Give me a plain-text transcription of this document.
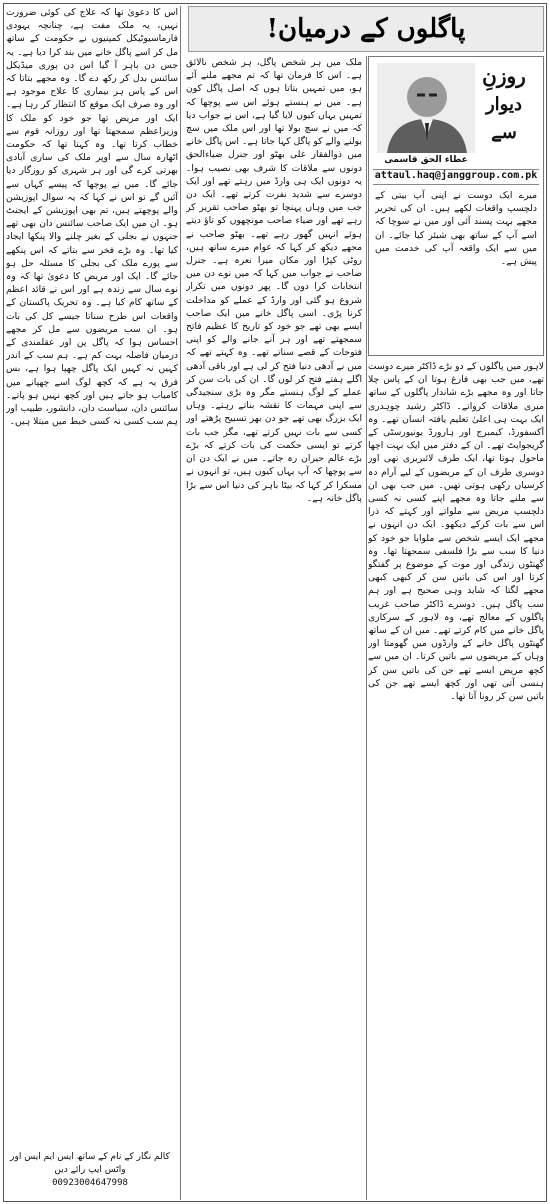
پاگلوں کے درمیان!
روزنِ
دیوار سے
عطاء الحق قاسمی
attaul.haq@janggroup.com.pk

میرے ایک دوست نے اپنی آپ بیتی کے دلچسپ واقعات لکھے ہیں۔ ان کی تحریر مجھے بہت پسند آئی اور میں نے سوچا کہ اسے آپ کے ساتھ بھی شیئر کیا جائے۔ ان میں سے ایک واقعہ آپ کی خدمت میں پیش ہے۔

لاہور میں پاگلوں کے دو بڑے ڈاکٹر میرے دوست تھے، میں جب بھی فارغ ہوتا ان کے پاس چلا جاتا اور وہ مجھے بڑے شاندار پاگلوں کے ساتھ میری ملاقات کرواتے۔ ڈاکٹر رشید چوہدری ایک بہت ہی اعلیٰ تعلیم یافتہ انسان تھے۔ وہ آکسفورڈ، کیمبرج اور ہارورڈ یونیورسٹی کے گریجوایٹ تھے۔ ان کے دفتر میں ایک بہت اچھا ماحول ہوتا تھا، ایک طرف لائبریری تھی اور دوسری طرف ان کے مریضوں کے لیے آرام دہ کرسیاں رکھی ہوتی تھیں۔ میں جب بھی ان سے ملنے جاتا وہ مجھے اپنے کسی نہ کسی دلچسپ مریض سے ملواتے اور کہتے کہ ذرا اس سے بات کرکے دیکھو۔ ایک دن انہوں نے مجھے ایک ایسے شخص سے ملوایا جو خود کو دنیا کا سب سے بڑا فلسفی سمجھتا تھا۔ وہ گھنٹوں زندگی اور موت کے موضوع پر گفتگو کرتا اور اس کی باتیں سن کر کبھی کبھی مجھے لگتا کہ شاید وہی صحیح ہے اور ہم سب پاگل ہیں۔ دوسرے ڈاکٹر صاحب غریب پاگلوں کے معالج تھے، وہ لاہور کے سرکاری پاگل خانے میں کام کرتے تھے۔ میں ان کے ساتھ گھنٹوں پاگل خانے کے وارڈوں میں گھومتا اور وہاں کے مریضوں سے باتیں کرتا۔ ان میں سے کچھ مریض ایسے تھے جن کی باتیں سن کر ہنسی آتی تھی اور کچھ ایسے تھے جن کی باتیں سن کر رونا آتا تھا۔

ملک میں ہر شخص پاگل، ہر شخص نالائق ہے۔ اس کا فرمان تھا کہ تم مجھے ملنے آئے ہو، میں تمہیں بتاتا ہوں کہ اصل پاگل کون ہے۔ میں نے ہنستے ہوئے اس سے پوچھا کہ تمہیں یہاں کیوں لایا گیا ہے، اس نے جواب دیا کہ میں نے سچ بولا تھا اور اس ملک میں سچ بولنے والے کو پاگل کہا جاتا ہے۔ اس پاگل خانے میں ذوالفقار علی بھٹو اور جنرل ضیاءالحق دونوں سے ملاقات کا شرف بھی نصیب ہوا۔ یہ دونوں ایک ہی وارڈ میں رہتے تھے اور ایک دوسرے سے شدید نفرت کرتے تھے۔ ایک دن جب میں وہاں پہنچا تو بھٹو صاحب تقریر کر رہے تھے اور ضیاء صاحب مونچھوں کو تاؤ دیتے ہوئے انہیں گھور رہے تھے۔ بھٹو صاحب نے مجھے دیکھ کر کہا کہ عوام میرے ساتھ ہیں، روٹی کپڑا اور مکان میرا نعرہ ہے۔ جنرل صاحب نے جواب میں کہا کہ میں نوے دن میں انتخابات کرا دوں گا۔ پھر دونوں میں تکرار شروع ہو گئی اور وارڈ کے عملے کو مداخلت کرنا پڑی۔ اسی پاگل خانے میں ایک صاحب ایسے بھی تھے جو خود کو تاریخ کا عظیم فاتح سمجھتے تھے اور ہر آنے جانے والے کو اپنی فتوحات کے قصے سناتے تھے۔ وہ کہتے تھے کہ میں نے آدھی دنیا فتح کر لی ہے اور باقی آدھی اگلے ہفتے فتح کر لوں گا۔ ان کی بات سن کر عملے کے لوگ ہنستے مگر وہ بڑی سنجیدگی سے اپنی مہمات کا نقشہ بناتے رہتے۔ وہاں ایک بزرگ بھی تھے جو دن بھر تسبیح پڑھتے اور کسی سے بات نہیں کرتے تھے، مگر جب بات کرتے تو ایسی حکمت کی بات کرتے کہ بڑے بڑے عالم حیران رہ جاتے۔ میں نے ایک دن ان سے پوچھا کہ آپ یہاں کیوں ہیں، تو انہوں نے مسکرا کر کہا کہ بیٹا باہر کی دنیا اس سے بڑا پاگل خانہ ہے۔

اس کا دعویٰ تھا کہ علاج کی کوئی ضرورت نہیں، یہ ملک مفت ہے، چنانچہ یہودی فارماسیوٹیکل کمپنیوں نے حکومت کے ساتھ مل کر اسے پاگل خانے میں بند کرا دیا ہے۔ یہ جس دن باہر آ گیا اس دن پوری میڈیکل سائنس بدل کر رکھ دے گا۔ وہ مجھے بتاتا کہ اس کے پاس ہر بیماری کا علاج موجود ہے اور وہ صرف ایک موقع کا انتظار کر رہا ہے۔ ایک اور مریض تھا جو خود کو ملک کا وزیراعظم سمجھتا تھا اور روزانہ قوم سے خطاب کرتا تھا۔ وہ کہتا تھا کہ حکومت اٹھارہ سال سے اوپر ملک کی ساری آبادی بھرتی کرے گی اور ہر شہری کو روزگار دیا جائے گا۔ میں نے پوچھا کہ پیسے کہاں سے آئیں گے تو اس نے کہا کہ یہ سوال اپوزیشن والے پوچھتے ہیں، تم بھی اپوزیشن کے ایجنٹ ہو۔ ان میں ایک صاحب سائنس دان بھی تھے جنہوں نے بجلی کے بغیر چلنے والا پنکھا ایجاد کیا تھا۔ وہ بڑے فخر سے بتاتے کہ اس پنکھے سے پورے ملک کی بجلی کا مسئلہ حل ہو جائے گا۔ ایک اور مریض کا دعویٰ تھا کہ وہ نوے سال سے زندہ ہے اور اس نے قائد اعظم کے ساتھ کام کیا ہے۔ وہ تحریک پاکستان کے واقعات اس طرح سناتا جیسے کل کی بات ہو۔ ان سب مریضوں سے مل کر مجھے احساس ہوا کہ پاگل پن اور عقلمندی کے درمیان فاصلہ بہت کم ہے۔ ہم سب کے اندر کہیں نہ کہیں ایک پاگل چھپا ہوا ہے، بس فرق یہ ہے کہ کچھ لوگ اسے چھپانے میں کامیاب ہو جاتے ہیں اور کچھ نہیں ہو پاتے۔ سائنس دان، سیاست دان، دانشور، طبیب اور ہم سب کسی نہ کسی خبط میں مبتلا ہیں۔

کالم نگار کے نام کے ساتھ ایس ایم ایس اور واٹس ایپ رائے دیں
00923004647998
